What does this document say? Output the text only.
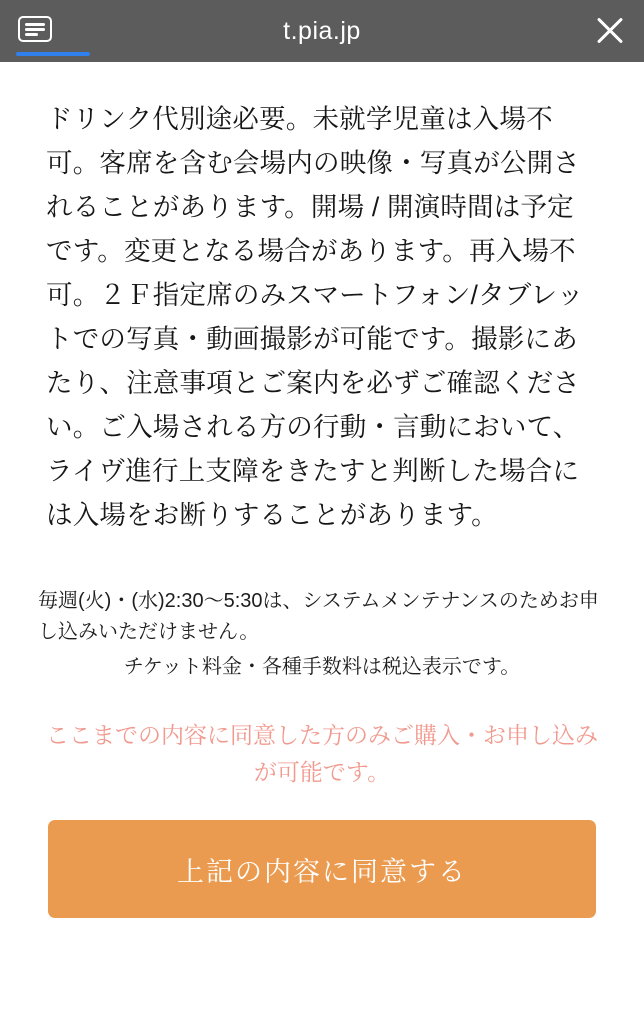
t.pia.jp
ドリンク代別途必要。未就学児童は入場不可。客席を含む会場内の映像・写真が公開されることがあります。開場 / 開演時間は予定です。変更となる場合があります。再入場不可。２Ｆ指定席のみスマートフォン/タブレットでの写真・動画撮影が可能です。撮影にあたり、注意事項とご案内を必ずご確認ください。ご入場される方の行動・言動において、ライヴ進行上支障をきたすと判断した場合には入場をお断りすることがあります。
毎週(火)・(水)2:30〜5:30は、システムメンテナンスのためお申し込みいただけません。
チケット料金・各種手数料は税込表示です。
ここまでの内容に同意した方のみご購入・お申し込みが可能です。
上記の内容に同意する
